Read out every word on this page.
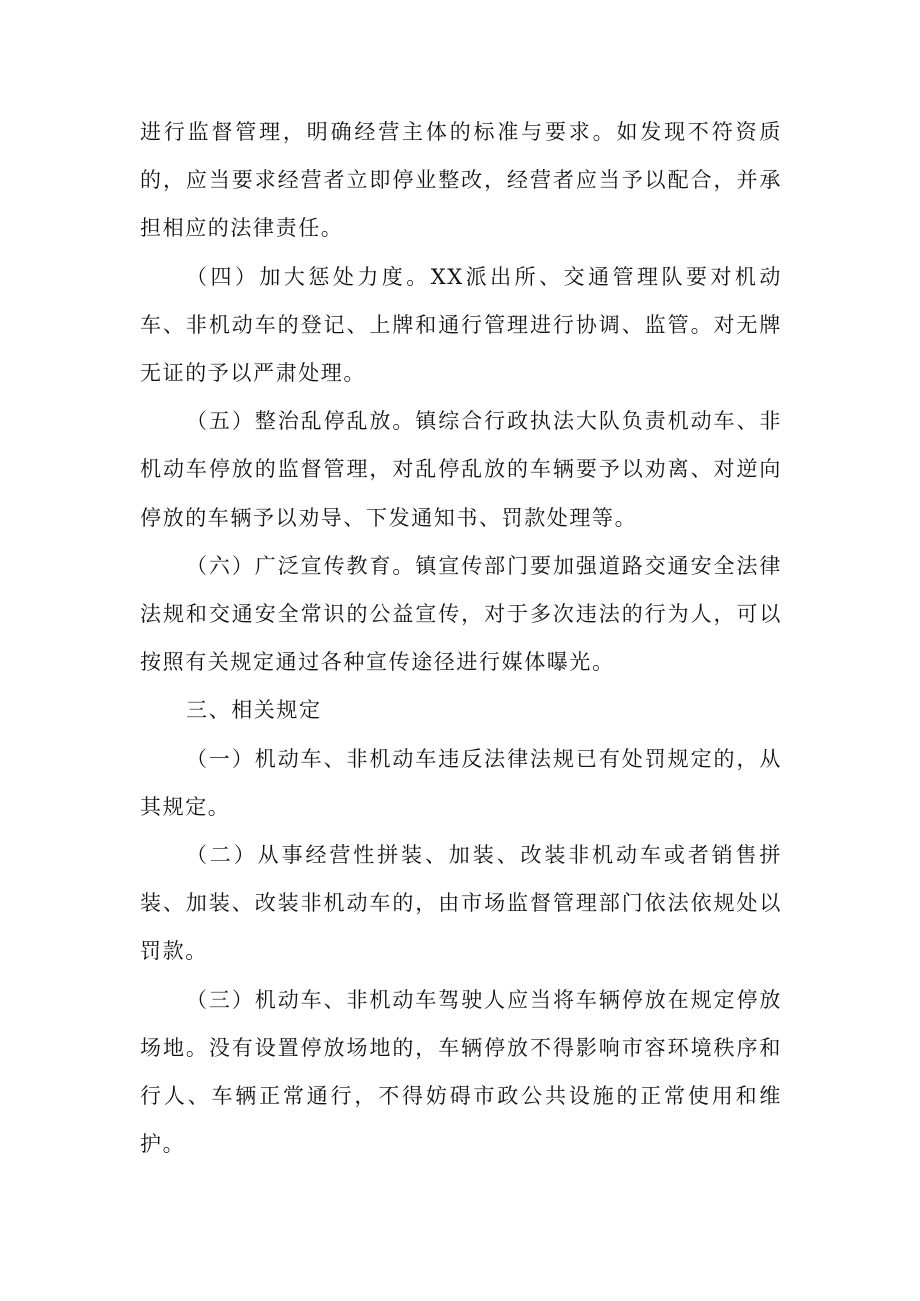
进行监督管理，明确经营主体的标准与要求。如发现不符资质的，应当要求经营者立即停业整改，经营者应当予以配合，并承担相应的法律责任。

（四）加大惩处力度。XX派出所、交通管理队要对机动车、非机动车的登记、上牌和通行管理进行协调、监管。对无牌无证的予以严肃处理。

（五）整治乱停乱放。镇综合行政执法大队负责机动车、非机动车停放的监督管理，对乱停乱放的车辆要予以劝离、对逆向停放的车辆予以劝导、下发通知书、罚款处理等。

（六）广泛宣传教育。镇宣传部门要加强道路交通安全法律法规和交通安全常识的公益宣传，对于多次违法的行为人，可以按照有关规定通过各种宣传途径进行媒体曝光。

三、相关规定

（一）机动车、非机动车违反法律法规已有处罚规定的，从其规定。

（二）从事经营性拼装、加装、改装非机动车或者销售拼装、加装、改装非机动车的，由市场监督管理部门依法依规处以罚款。

（三）机动车、非机动车驾驶人应当将车辆停放在规定停放场地。没有设置停放场地的，车辆停放不得影响市容环境秩序和行人、车辆正常通行，不得妨碍市政公共设施的正常使用和维护。
